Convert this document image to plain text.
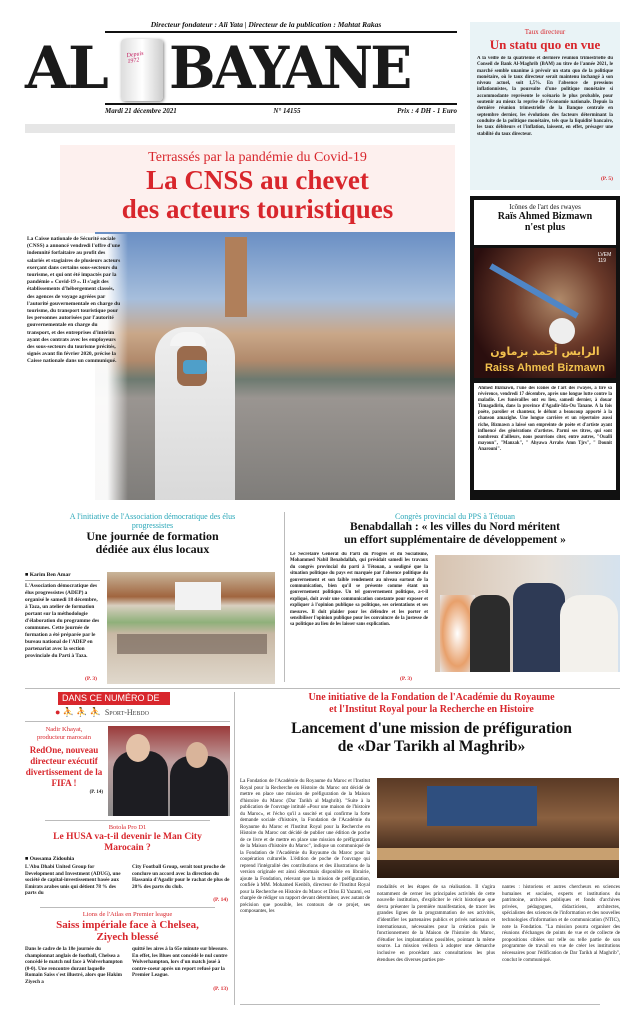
Directeur fondateur : Ali Yata | Directeur de la publication : Mahtat Rakas
AL	Depuis 1972 BAYANE
Mardi 21 décembre 2021	N° 14155	Prix : 4 DH - 1 Euro
Taux directeur
Un statu quo en vue
A la veille de la quatrième et dernière réunion trimestrielle du Conseil de Bank Al-Maghrib (BAM) au titre de l'année 2021, le marché semble unanime à prévoir un statu quo de la politique monétaire, où le taux directeur serait maintenu inchangé à son niveau actuel, soit 1,5%. En l'absence de pressions inflationnistes, la poursuite d'une politique monétaire si accommodante représente le scénario le plus probable, pour soutenir au mieux la reprise de l'économie nationale. Depuis la dernière réunion trimestrielle de la Banque centrale en septembre dernier, les évolutions des facteurs déterminant la conduite de la politique monétaire, tels que la liquidité bancaire, les taux débiteurs et l'inflation, laissent, en effet, présager une stabilité du taux directeur.
(P. 5)
Terrassés par la pandémie du Covid-19
La CNSS au chevet
des acteurs touristiques
La Caisse nationale de Sécurité sociale (CNSS) a annoncé vendredi l'offre d'une indemnité forfaitaire au profit des salariés et stagiaires de plusieurs acteurs exerçant dans certains sous-secteurs du tourisme, et qui ont été impactés par la pandémie « Covid-19 ». Il s'agit des établissements d'hébergement classés, des agences de voyage agréées par l'autorité gouvernementale en charge du tourisme, du transport touristique pour les personnes autorisées par l'autorité gouvernementale en charge du transport, et des entreprises d'intérim ayant des contrats avec les employeurs des sous-secteurs du tourisme précités, signés avant fin février 2020, précise la Caisse nationale dans un communiqué.
Icônes de l'art des rwayes
Raïs Ahmed Bizmawn
n'est plus
LVEM 119
الرايس أحمد بزماون
Raiss Ahmed Bizmawn
Ahmed Bizmawn, l'une des icônes de l'art des rwayes, a tiré sa révérence, vendredi 17 décembre, après une longue lutte contre la maladie. Les funérailles ont eu lieu, samedi dernier, à douar Timagadirin, dans la province d'Agadir-Ida-Ou Tanane. A la fois poète, parolier et chanteur, le défunt a beaucoup apporté à la chanson amazighe. Une longue carrière et un répertoire aussi riche, Bizmawn a laissé son empreinte de poète et d'artiste ayant influencé des générations d'artistes. Parmi ses titres, qui sont nombreux d'ailleurs, nous pourrions citer, entre autres, "Oualli mayoun", "Manzak", " Ahyawa Arrahs Amn Tjrs", " Dounit Anarouni".
A l'initiative de l'Association démocratique des élus progressistes
Une journée de formation
dédiée aux élus locaux
■ Karim Ben Amar
L'Association démocratique des élus progressistes (ADEP) a organisé le samedi 18 décembre, à Taza, un atelier de formation portant sur la méthodologie d'élaboration du programme des communes. Cette journée de formation a été préparée par le bureau national de l'ADEP en partenariat avec la section provinciale du Parti à Taza.
(P. 3)
Congrès provincial du PPS à Tétouan
Benabdallah : « les villes du Nord méritent
un effort supplémentaire de développement »
Le Secrétaire Général du Parti du Progrès et du Socialisme, Mohammed Nabil Benabdallah, qui présidait samedi les travaux du congrès provincial du parti à Tétouan, a souligné que la situation politique du pays est marquée par l'absence politique du gouvernement et son faible rendement au niveau surtout de la communication, bien qu'il se présente comme étant un gouvernement politique. Un tel gouvernement politique, a-t-il expliqué, doit avoir une communication constante pour exposer et expliquer à l'opinion publique sa politique, ses orientations et ses mesures. Il doit plaider pour les défendre et les porter et sensibiliser l'opinion publique pour les convaincre de la justesse de sa politique au lieu de les laisser sans explication.
(P. 3)
DANS CE NUMÉRO DE
● ⛹ ⛹ ⛹ Sport-Hebdo
Nadir Khayat,
producteur marocain
RedOne, nouveau directeur exécutif divertissement de la FIFA !
(P. 14)
Botola Pro D1
Le HUSA va-t-il devenir le Man City Marocain ?
■ Oussama Zidouhia
L'Abu Dhabi United Group for Development and Investment (ADUG), une société de capital-investissement basée aux Emirats arabes unis qui détient 78 % des parts du
City Football Group, serait tout proche de conclure un accord avec la direction du Hassania d'Agadir pour le rachat de plus de 20% des parts du club.
(P. 14)
Lions de l'Atlas en Premier league
Saiss impériale face à Chelsea,
Ziyech blessé
Dans le cadre de la 18e journée du championnat anglais de football, Chelsea a concédé le match nul face à Wolverhampton (0-0). Une rencontre durant laquelle Romain Saiss s'est illustré, alors que Hakim Ziyech a
quitté les aires à la 65e minute sur blessure. En effet, les Blues ont concédé le nul contre Wolverhampton, lors d'un match joué à contre-coeur après un report refusé par la Premier League.
(P. 13)
Une initiative de la Fondation de l'Académie du Royaume
et l'Institut Royal pour la Recherche en Histoire
Lancement d'une mission de préfiguration
de «Dar Tarikh al Maghrib»
La Fondation de l'Académie du Royaume du Maroc et l'Institut Royal pour la Recherche en Histoire du Maroc ont décidé de mettre en place une mission de préfiguration de la Maison d'histoire du Maroc (Dar Tarikh al Maghrib). "Suite à la publication de l'ouvrage intitulé «Pour une maison de l'histoire du Maroc», et l'écho qu'il a suscité et qui confirme la forte demande sociale d'histoire, la Fondation de l'Académie du Royaume du Maroc et l'Institut Royal pour la Recherche en Histoire du Maroc ont décidé de publier une édition de poche de ce livre et de mettre en place une mission de préfiguration de la Maison d'histoire du Maroc", indique un communiqué de la Fondation de l'Académie du Royaume du Maroc pour la coopération culturelle. L'édition de poche de l'ouvrage qui reprend l'intégralité des contributions et des illustrations de la version originale est ainsi désormais disponible en librairie, ajoute la Fondation, relevant que la mission de préfiguration, confiée à MM. Mohamed Kenbib, directeur de l'Institut Royal pour la Recherche en Histoire du Maroc et Driss El Yazami, est chargée de rédiger un rapport devant déterminer, avec autant de précision que possible, les contours de ce projet, ses composantes, les
modalités et les étapes de sa réalisation. Il s'agira notamment de cerner les principales activités de cette nouvelle institution, d'expliciter le récit historique que devra présenter la première manifestation, de tracer les grandes lignes de la programmation de ses activités, d'identifier les partenaires publics et privés nationaux et internationaux, nécessaires pour la création puis le fonctionnement de la Maison de l'histoire du Maroc, d'étudier les implantations possibles, pointant la même source. La mission veillera à adopter une démarche inclusive en procédant aux consultations les plus étendues des diverses parties pre-
nantes : historiens et autres chercheurs en sciences humaines et sociales, experts et institutions du patrimoine, archives publiques et fonds d'archives privées, pédagogues, didacticiens, architectes, spécialistes des sciences de l'information et des nouvelles technologies d'information et de communication (NTIC), note la Fondation. "La mission pourra organiser des réunions d'échanges de points de vue et de collecte de propositions ciblées sur telle ou telle partie de son programme de travail en vue de créer les institutions nécessaires pour l'édification de Dar Tarikh al Maghrib", conclut le communiqué.
